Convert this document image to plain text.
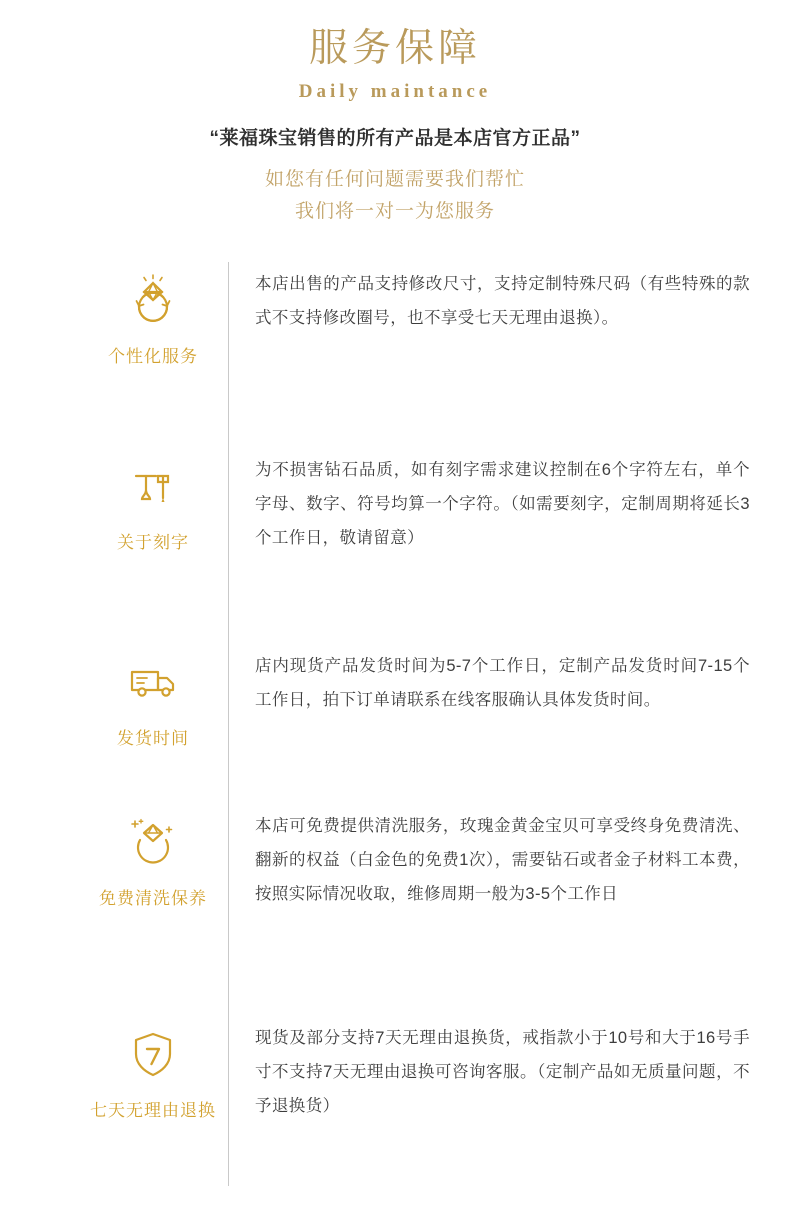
服务保障
Daily maintance
“莱福珠宝销售的所有产品是本店官方正品”
如您有任何问题需要我们帮忙
我们将一对一为您服务
个性化服务

本店出售的产品支持修改尺寸，支持定制特殊尺码（有些特殊的款式不支持修改圈号，也不享受七天无理由退换）。

关于刻字

为不损害钻石品质，如有刻字需求建议控制在6个字符左右，单个字母、数字、符号均算一个字符。（如需要刻字，定制周期将延长3个工作日，敬请留意）

发货时间

店内现货产品发货时间为5-7个工作日，定制产品发货时间7-15个工作日，拍下订单请联系在线客服确认具体发货时间。

免费清洗保养

本店可免费提供清洗服务，玫瑰金黄金宝贝可享受终身免费清洗、翻新的权益（白金色的免费1次），需要钻石或者金子材料工本费，按照实际情况收取，维修周期一般为3-5个工作日

七天无理由退换

现货及部分支持7天无理由退换货，戒指款小于10号和大于16号手寸不支持7天无理由退换可咨询客服。（定制产品如无质量问题，不予退换货）
